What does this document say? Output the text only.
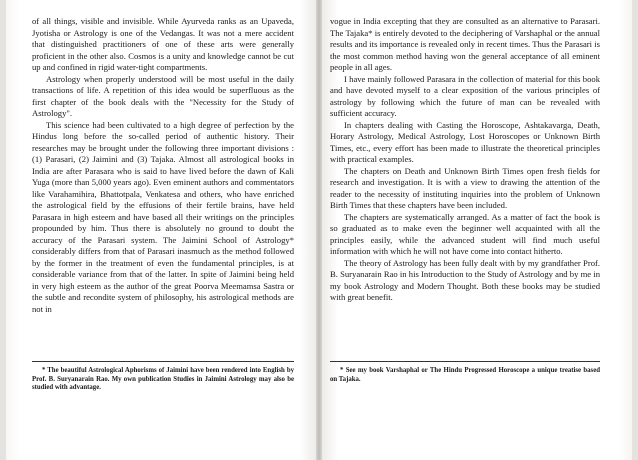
of all things, visible and invisible. While Ayurveda ranks as an Upaveda, Jyotisha or Astrology is one of the Vedangas. It was not a mere accident that distinguished practitioners of one of these arts were generally proficient in the other also. Cosmos is a unity and knowledge cannot be cut up and confined in rigid water-tight compartments.

Astrology when properly understood will be most useful in the daily transactions of life. A repetition of this idea would be superfluous as the first chapter of the book deals with the "Necessity for the Study of Astrology".

This science had been cultivated to a high degree of perfection by the Hindus long before the so-called period of authentic history. Their researches may be brought under the following three important divisions : (1) Parasari, (2) Jaimini and (3) Tajaka. Almost all astrological books in India are after Parasara who is said to have lived before the dawn of Kali Yuga (more than 5,000 years ago). Even eminent authors and commentators like Varahamihira, Bhattotpala, Venkatesa and others, who have enriched the astrological field by the effusions of their fertile brains, have held Parasara in high esteem and have based all their writings on the principles propounded by him. Thus there is absolutely no ground to doubt the accuracy of the Parasari system. The Jaimini School of Astrology* considerably differs from that of Parasari inasmuch as the method followed by the former in the treatment of even the fundamental principles, is at considerable variance from that of the latter. In spite of Jaimini being held in very high esteem as the author of the great Poorva Meemamsa Sastra or the subtle and recondite system of philosophy, his astrological methods are not in

* The beautiful Astrological Aphorisms of Jaimini have been rendered into English by Prof. B. Suryanarain Rao. My own publication Studies in Jaimini Astrology may also be studied with advantage.

vogue in India excepting that they are consulted as an alternative to Parasari. The Tajaka* is entirely devoted to the deciphering of Varshaphal or the annual results and its importance is revealed only in recent times. Thus the Parasari is the most common method having won the general acceptance of all eminent people in all ages.

I have mainly followed Parasara in the collection of material for this book and have devoted myself to a clear exposition of the various principles of astrology by following which the future of man can be revealed with sufficient accuracy.

In chapters dealing with Casting the Horoscope, Ashtakavarga, Death, Horary Astrology, Medical Astrology, Lost Horoscopes or Unknown Birth Times, etc., every effort has been made to illustrate the theoretical principles with practical examples.

The chapters on Death and Unknown Birth Times open fresh fields for research and investigation. It is with a view to drawing the attention of the reader to the necessity of instituting inquiries into the problem of Unknown Birth Times that these chapters have been included.

The chapters are systematically arranged. As a matter of fact the book is so graduated as to make even the beginner well acquainted with all the principles easily, while the advanced student will find much useful information with which he will not have come into contact hitherto.

The theory of Astrology has been fully dealt with by my grandfather Prof. B. Suryanarain Rao in his Introduction to the Study of Astrology and by me in my book Astrology and Modern Thought. Both these books may be studied with great benefit.

* See my book Varshaphal or The Hindu Progressed Horoscope a unique treatise based on Tajaka.
